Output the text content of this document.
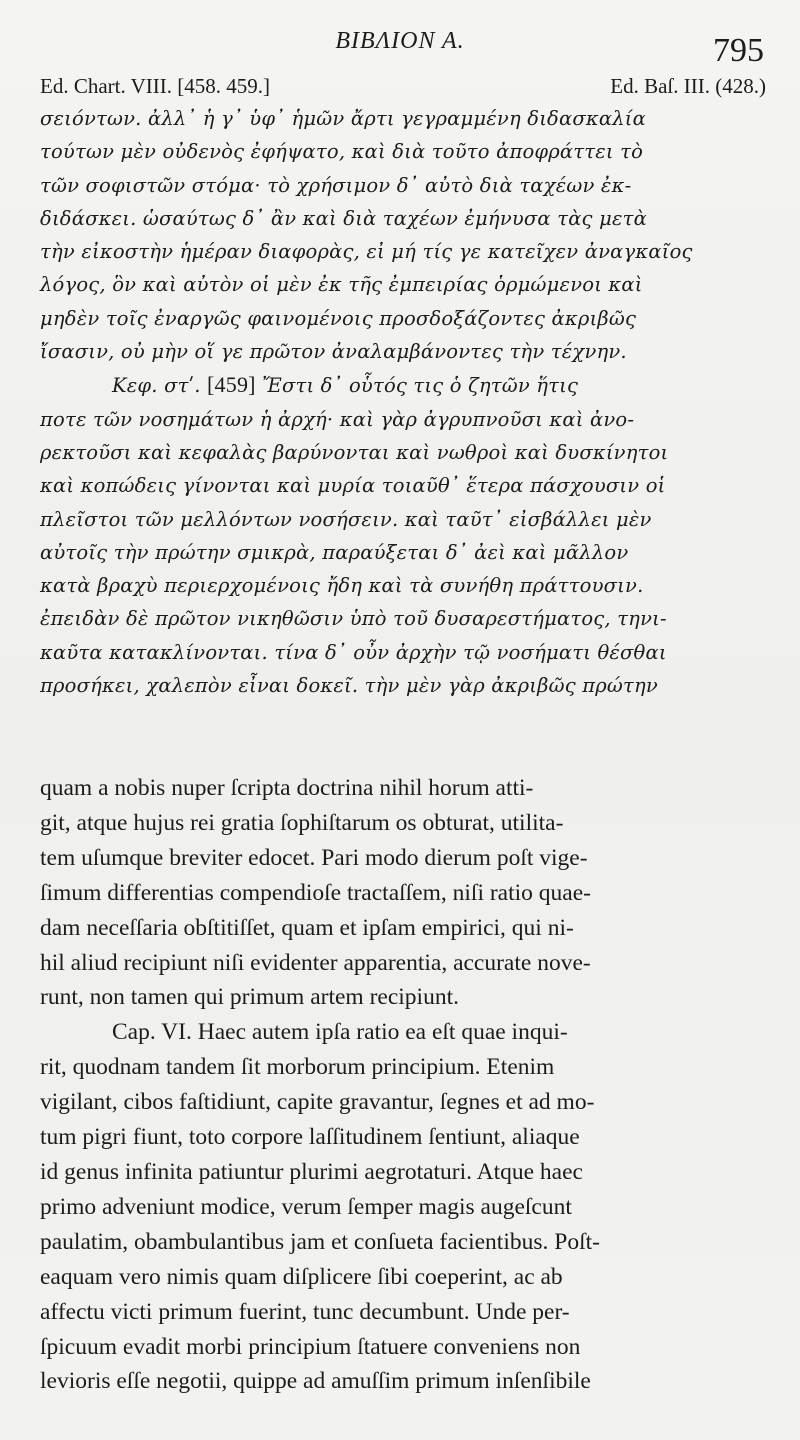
ΒΙΒΛΙΟΝ Α.	795
Ed. Chart. VIII. [458. 459.]	Ed. Baſ. III. (428.)
σειόντων. ἀλλ᾽ ἡ γ᾽ ὑφ᾽ ἡμῶν ἄρτι γεγραμμένη διδασκαλία
τούτων μὲν οὐδενὸς ἐφήψατο, καὶ διὰ τοῦτο ἀποφράττει τὸ
τῶν σοφιστῶν στόμα· τὸ χρήσιμον δ᾽ αὐτὸ διὰ ταχέων ἐκ-
διδάσκει. ὡσαύτως δ᾽ ἂν καὶ διὰ ταχέων ἐμήνυσα τὰς μετὰ
τὴν εἰκοστὴν ἡμέραν διαφορὰς, εἰ μή τίς γε κατεῖχεν ἀναγκαῖος
λόγος, ὃν καὶ αὐτὸν οἱ μὲν ἐκ τῆς ἐμπειρίας ὁρμώμενοι καὶ
μηδὲν τοῖς ἐναργῶς φαινομένοις προσδοξάζοντες ἀκριβῶς
ἴσασιν, οὐ μὴν οἵ γε πρῶτον ἀναλαμβάνοντες τὴν τέχνην.
Κεφ. στʹ. [459] Ἔστι δ᾽ οὗτός τις ὁ ζητῶν ἥτις
ποτε τῶν νοσημάτων ἡ ἀρχή· καὶ γὰρ ἀγρυπνοῦσι καὶ ἀνο-
ρεκτοῦσι καὶ κεφαλὰς βαρύνονται καὶ νωθροὶ καὶ δυσκίνητοι
καὶ κοπώδεις γίνονται καὶ μυρία τοιαῦθ᾽ ἕτερα πάσχουσιν οἱ
πλεῖστοι τῶν μελλόντων νοσήσειν. καὶ ταῦτ᾽ εἰσβάλλει μὲν
αὐτοῖς τὴν πρώτην σμικρὰ, παραύξεται δ᾽ ἀεὶ καὶ μᾶλλον
κατὰ βραχὺ περιερχομένοις ἤδη καὶ τὰ συνήθη πράττουσιν.
ἐπειδὰν δὲ πρῶτον νικηθῶσιν ὑπὸ τοῦ δυσαρεστήματος, τηνι-
καῦτα κατακλίνονται. τίνα δ᾽ οὖν ἀρχὴν τῷ νοσήματι θέσθαι
προσήκει, χαλεπὸν εἶναι δοκεῖ. τὴν μὲν γὰρ ἀκριβῶς πρώτην
quam a nobis nuper ſcripta doctrina nihil horum atti-
git, atque hujus rei gratia ſophiſtarum os obturat, utilita-
tem uſumque breviter edocet. Pari modo dierum poſt vige-
ſimum differentias compendioſe tractaſſem, niſi ratio quae-
dam neceſſaria obſtitiſſet, quam et ipſam empirici, qui ni-
hil aliud recipiunt niſi evidenter apparentia, accurate nove-
runt, non tamen qui primum artem recipiunt.
Cap. VI. Haec autem ipſa ratio ea eſt quae inqui-
rit, quodnam tandem ſit morborum principium. Etenim
vigilant, cibos faſtidiunt, capite gravantur, ſegnes et ad mo-
tum pigri fiunt, toto corpore laſſitudinem ſentiunt, aliaque
id genus infinita patiuntur plurimi aegrotaturi. Atque haec
primo adveniunt modice, verum ſemper magis augeſcunt
paulatim, obambulantibus jam et conſueta facientibus. Poſt-
eaquam vero nimis quam diſplicere ſibi coeperint, ac ab
affectu victi primum fuerint, tunc decumbunt. Unde per-
ſpicuum evadit morbi principium ſtatuere conveniens non
levioris eſſe negotii, quippe ad amuſſim primum inſenſibile
